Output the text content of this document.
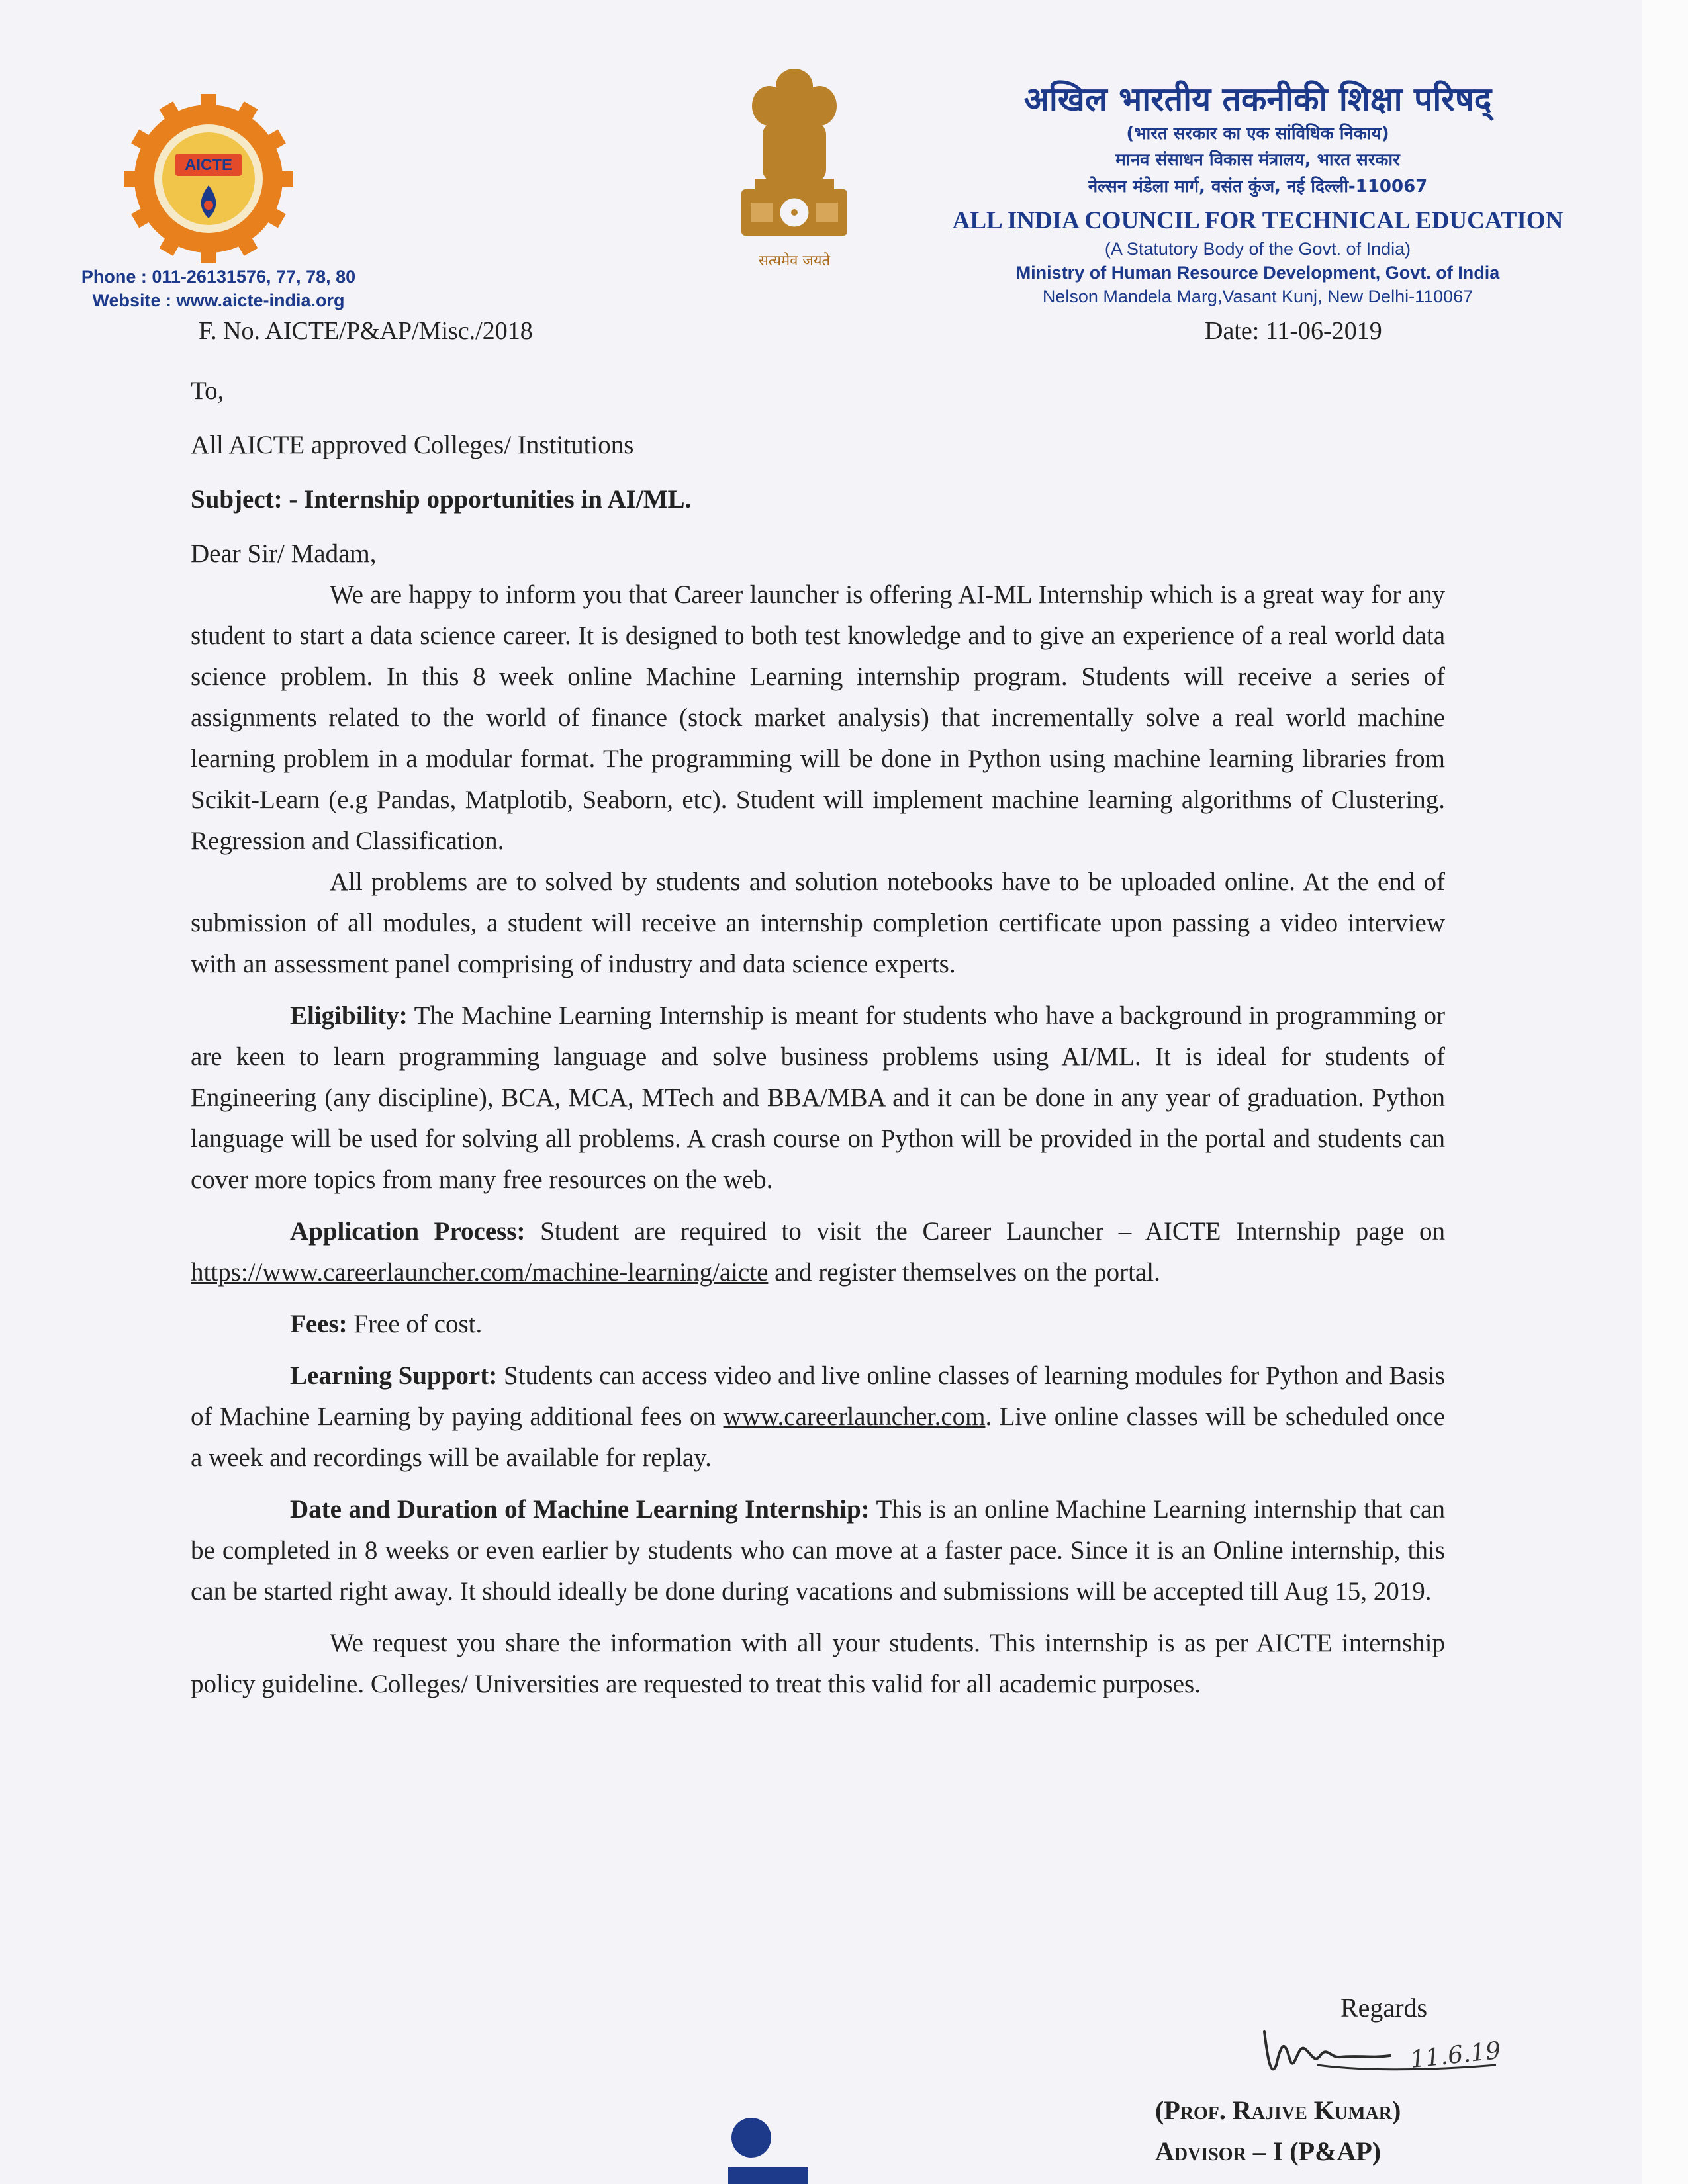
AICTE
Phone : 011-26131576, 77, 78, 80
Website : www.aicte-india.org
सत्यमेव जयते
अखिल भारतीय तकनीकी शिक्षा परिषद्
(भारत सरकार का एक सांविधिक निकाय)
मानव संसाधन विकास मंत्रालय, भारत सरकार
नेल्सन मंडेला मार्ग, वसंत कुंज, नई दिल्ली-110067
ALL INDIA COUNCIL FOR TECHNICAL EDUCATION
(A Statutory Body of the Govt. of India)
Ministry of Human Resource Development, Govt. of India
Nelson Mandela Marg,Vasant Kunj, New Delhi-110067
F. No. AICTE/P&AP/Misc./2018	Date: 11-06-2019

To,

All AICTE approved Colleges/ Institutions

Subject: - Internship opportunities in AI/ML.

Dear Sir/ Madam,

We are happy to inform you that Career launcher is offering AI-ML Internship which is a great way for any student to start a data science career. It is designed to both test knowledge and to give an experience of a real world data science problem. In this 8 week online Machine Learning internship program. Students will receive a series of assignments related to the world of finance (stock market analysis) that incrementally solve a real world machine learning problem in a modular format. The programming will be done in Python using machine learning libraries from Scikit-Learn (e.g Pandas, Matplotib, Seaborn, etc). Student will implement machine learning algorithms of Clustering. Regression and Classification.

All problems are to solved by students and solution notebooks have to be uploaded online. At the end of submission of all modules, a student will receive an internship completion certificate upon passing a video interview with an assessment panel comprising of industry and data science experts.

Eligibility: The Machine Learning Internship is meant for students who have a background in programming or are keen to learn programming language and solve business problems using AI/ML. It is ideal for students of Engineering (any discipline), BCA, MCA, MTech and BBA/MBA and it can be done in any year of graduation. Python language will be used for solving all problems. A crash course on Python will be provided in the portal and students can cover more topics from many free resources on the web.

Application Process: Student are required to visit the Career Launcher – AICTE Internship page on https://www.careerlauncher.com/machine-learning/aicte and register themselves on the portal.

Fees: Free of cost.

Learning Support: Students can access video and live online classes of learning modules for Python and Basis of Machine Learning by paying additional fees on www.careerlauncher.com. Live online classes will be scheduled once a week and recordings will be available for replay.

Date and Duration of Machine Learning Internship: This is an online Machine Learning internship that can be completed in 8 weeks or even earlier by students who can move at a faster pace. Since it is an Online internship, this can be started right away. It should ideally be done during vacations and submissions will be accepted till Aug 15, 2019.

We request you share the information with all your students. This internship is as per AICTE internship policy guideline. Colleges/ Universities are requested to treat this valid for all academic purposes.

Regards
11.6.19
(Prof. Rajive Kumar)
Advisor – I (P&AP)
